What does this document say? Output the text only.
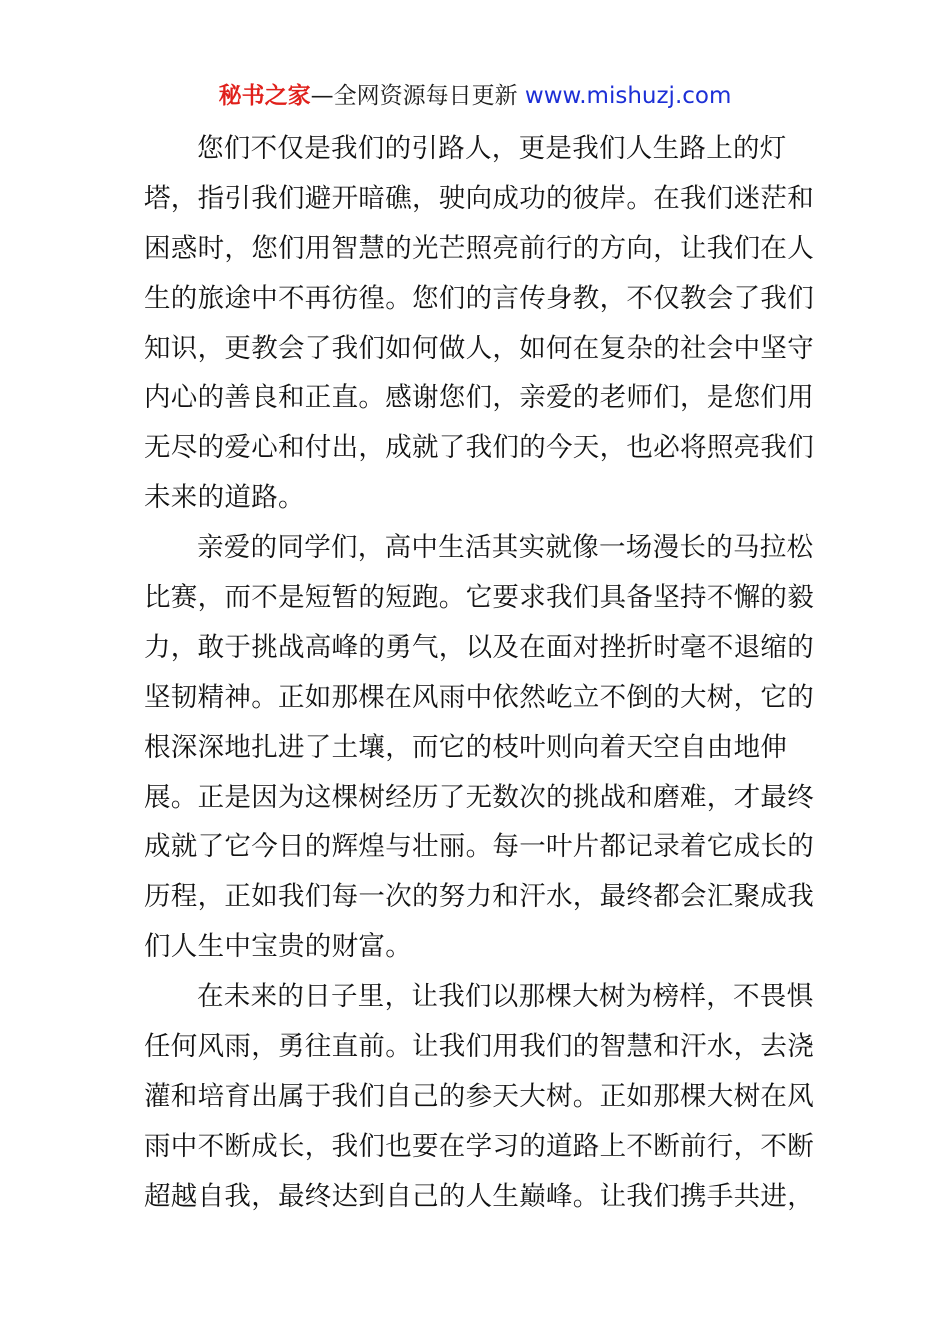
秘书之家—全网资源每日更新 www.mishuzj.com
您们不仅是我们的引路人，更是我们人生路上的灯
塔，指引我们避开暗礁，驶向成功的彼岸。在我们迷茫和
困惑时，您们用智慧的光芒照亮前行的方向，让我们在人
生的旅途中不再彷徨。您们的言传身教，不仅教会了我们
知识，更教会了我们如何做人，如何在复杂的社会中坚守
内心的善良和正直。感谢您们，亲爱的老师们，是您们用
无尽的爱心和付出，成就了我们的今天，也必将照亮我们
未来的道路。
亲爱的同学们，高中生活其实就像一场漫长的马拉松
比赛，而不是短暂的短跑。它要求我们具备坚持不懈的毅
力，敢于挑战高峰的勇气，以及在面对挫折时毫不退缩的
坚韧精神。正如那棵在风雨中依然屹立不倒的大树，它的
根深深地扎进了土壤，而它的枝叶则向着天空自由地伸
展。正是因为这棵树经历了无数次的挑战和磨难，才最终
成就了它今日的辉煌与壮丽。每一叶片都记录着它成长的
历程，正如我们每一次的努力和汗水，最终都会汇聚成我
们人生中宝贵的财富。
在未来的日子里，让我们以那棵大树为榜样，不畏惧
任何风雨，勇往直前。让我们用我们的智慧和汗水，去浇
灌和培育出属于我们自己的参天大树。正如那棵大树在风
雨中不断成长，我们也要在学习的道路上不断前行，不断
超越自我，最终达到自己的人生巅峰。让我们携手共进，
